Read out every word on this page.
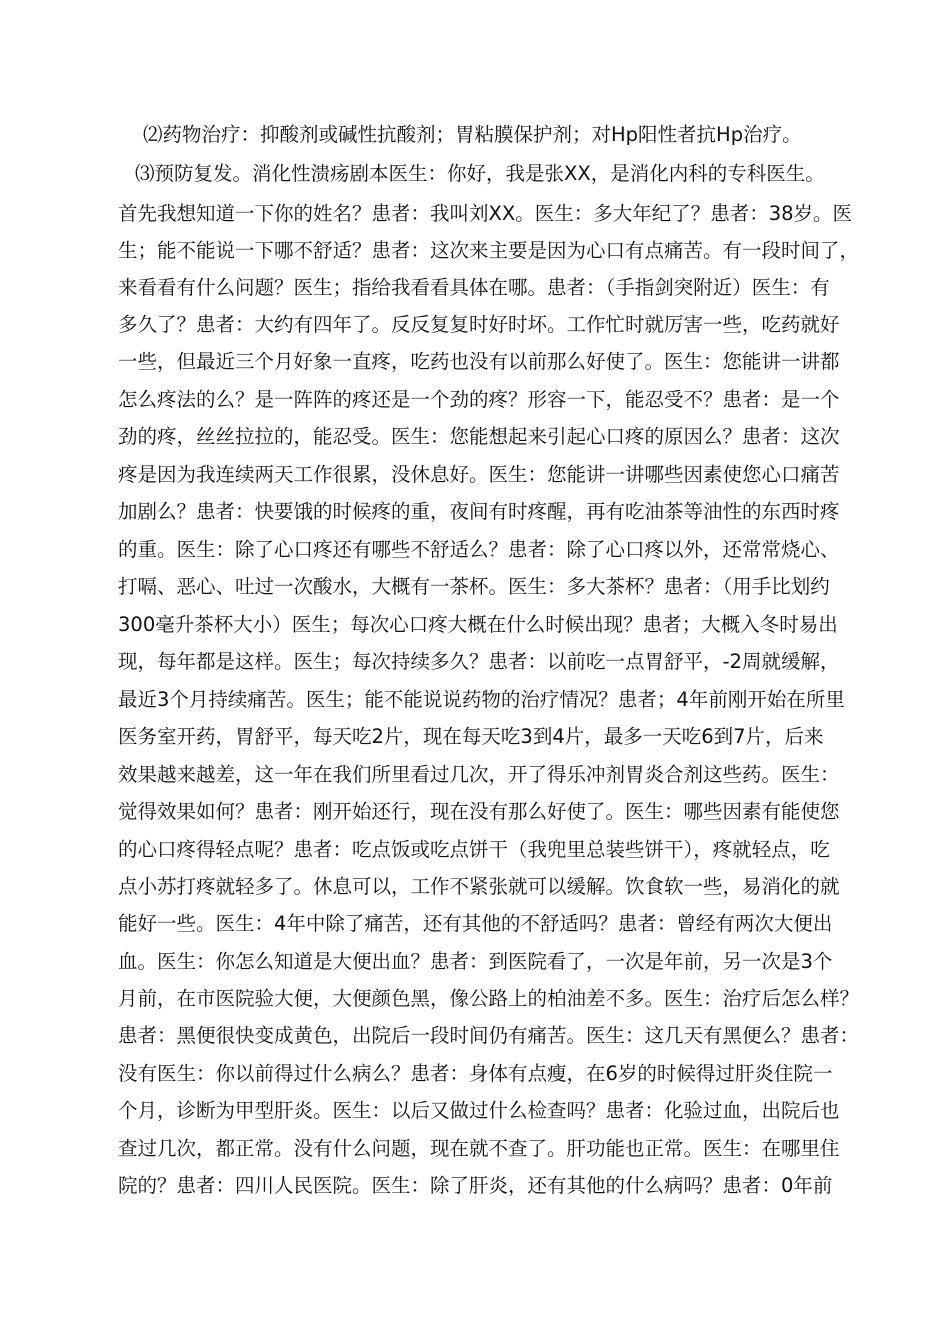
⑵药物治疗：抑酸剂或碱性抗酸剂；胃粘膜保护剂；对Hp阳性者抗Hp治疗。
⑶预防复发。消化性溃疡剧本医生：你好，我是张XX，是消化内科的专科医生。
首先我想知道一下你的姓名？患者：我叫刘XX。医生：多大年纪了？患者：38岁。医
生；能不能说一下哪不舒适？患者：这次来主要是因为心口有点痛苦。有一段时间了，
来看看有什么问题？医生；指给我看看具体在哪。患者：（手指剑突附近）医生：有
多久了？患者：大约有四年了。反反复复时好时坏。工作忙时就厉害一些，吃药就好
一些，但最近三个月好象一直疼，吃药也没有以前那么好使了。医生：您能讲一讲都
怎么疼法的么？是一阵阵的疼还是一个劲的疼？形容一下，能忍受不？患者：是一个
劲的疼，丝丝拉拉的，能忍受。医生：您能想起来引起心口疼的原因么？患者：这次
疼是因为我连续两天工作很累，没休息好。医生：您能讲一讲哪些因素使您心口痛苦
加剧么？患者：快要饿的时候疼的重，夜间有时疼醒，再有吃油茶等油性的东西时疼
的重。医生：除了心口疼还有哪些不舒适么？患者：除了心口疼以外，还常常烧心、
打嗝、恶心、吐过一次酸水，大概有一茶杯。医生：多大茶杯？患者：（用手比划约
300毫升茶杯大小）医生；每次心口疼大概在什么时候出现？患者；大概入冬时易出
现，每年都是这样。医生；每次持续多久？患者：以前吃一点胃舒平，-2周就缓解，
最近3个月持续痛苦。医生；能不能说说药物的治疗情况？患者；4年前刚开始在所里
医务室开药，胃舒平，每天吃2片，现在每天吃3到4片，最多一天吃6到7片，后来
效果越来越差，这一年在我们所里看过几次，开了得乐冲剂胃炎合剂这些药。医生：
觉得效果如何？患者：刚开始还行，现在没有那么好使了。医生：哪些因素有能使您
的心口疼得轻点呢？患者：吃点饭或吃点饼干（我兜里总装些饼干），疼就轻点，吃
点小苏打疼就轻多了。休息可以，工作不紧张就可以缓解。饮食软一些，易消化的就
能好一些。医生：4年中除了痛苦，还有其他的不舒适吗？患者：曾经有两次大便出
血。医生：你怎么知道是大便出血？患者：到医院看了，一次是年前，另一次是3个
月前，在市医院验大便，大便颜色黑，像公路上的柏油差不多。医生：治疗后怎么样？
患者：黑便很快变成黄色，出院后一段时间仍有痛苦。医生：这几天有黑便么？患者：
没有医生：你以前得过什么病么？患者：身体有点瘦，在6岁的时候得过肝炎住院一
个月，诊断为甲型肝炎。医生：以后又做过什么检查吗？患者：化验过血，出院后也
查过几次，都正常。没有什么问题，现在就不查了。肝功能也正常。医生：在哪里住
院的？患者：四川人民医院。医生：除了肝炎，还有其他的什么病吗？患者：0年前
